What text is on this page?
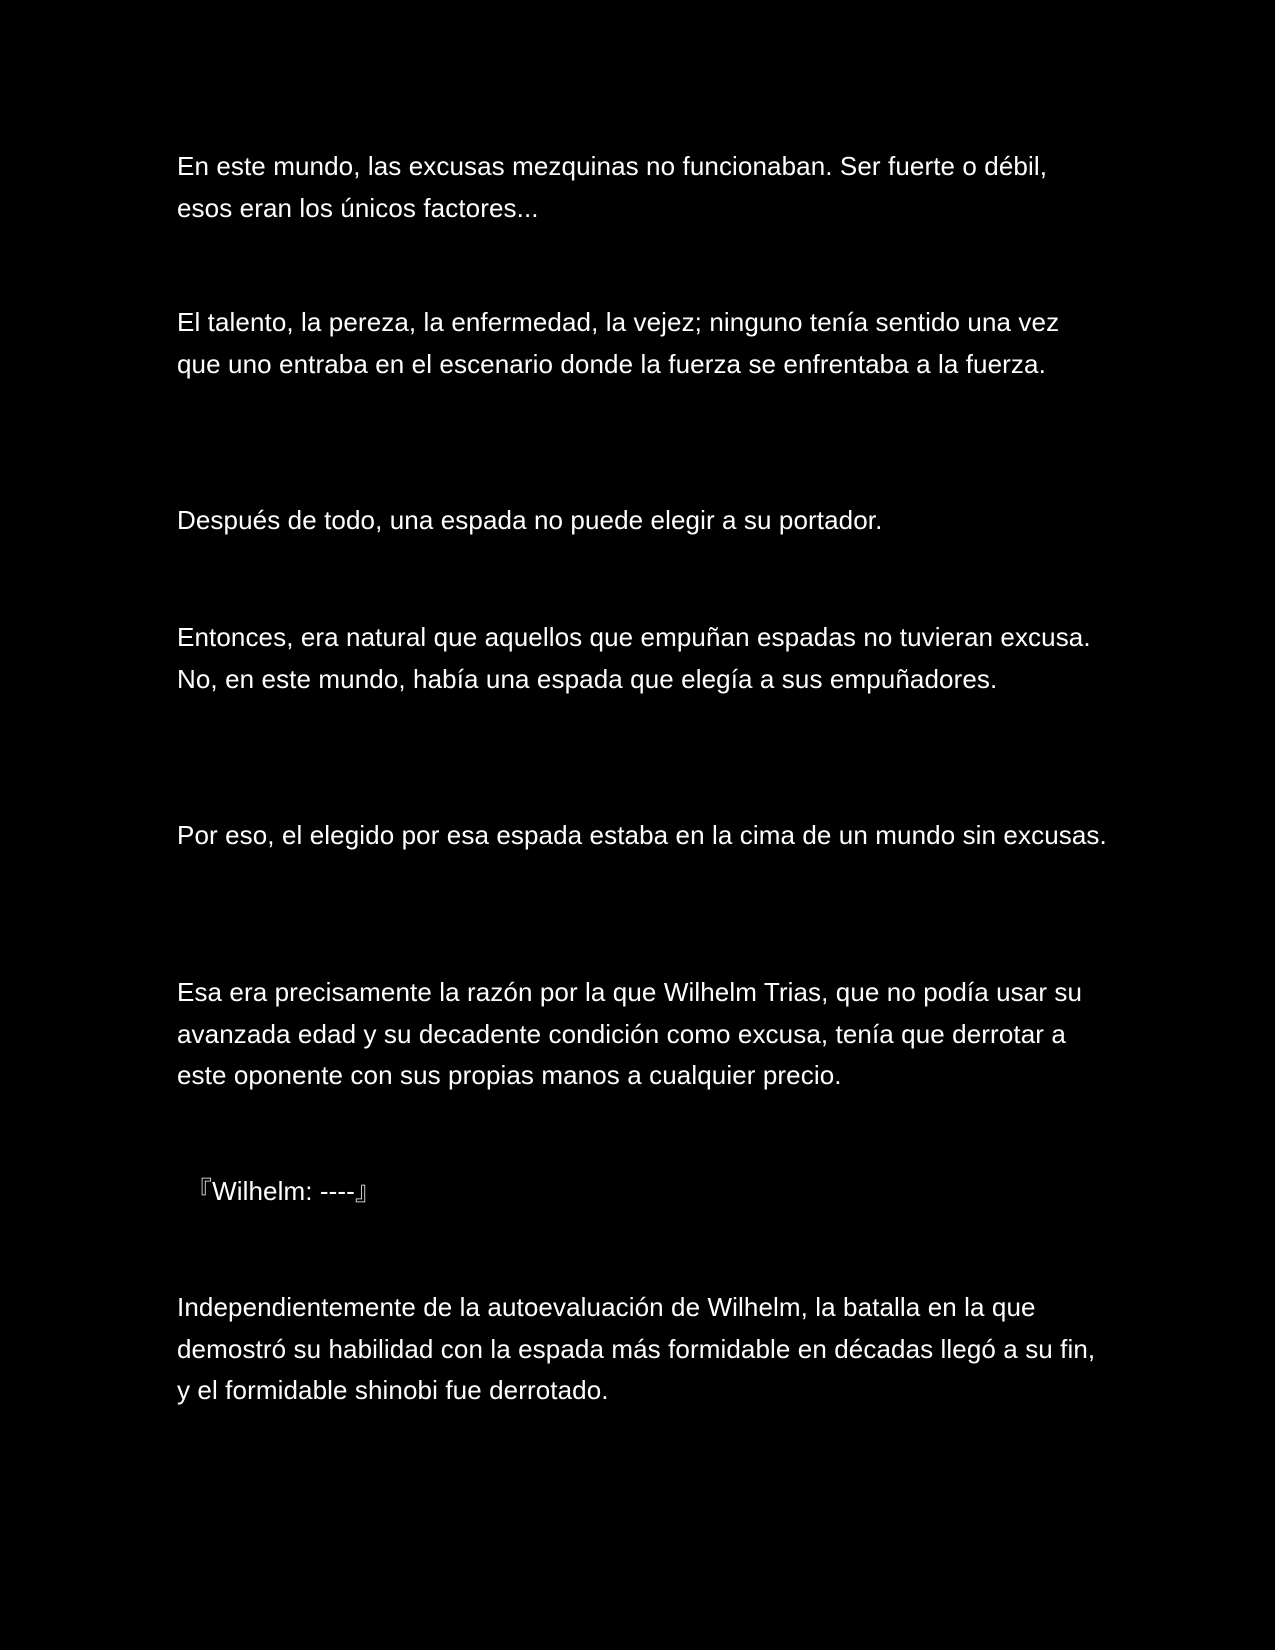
En este mundo, las excusas mezquinas no funcionaban. Ser fuerte o débil, esos eran los únicos factores...

El talento, la pereza, la enfermedad, la vejez; ninguno tenía sentido una vez que uno entraba en el escenario donde la fuerza se enfrentaba a la fuerza.

Después de todo, una espada no puede elegir a su portador.

Entonces, era natural que aquellos que empuñan espadas no tuvieran excusa. No, en este mundo, había una espada que elegía a sus empuñadores.

Por eso, el elegido por esa espada estaba en la cima de un mundo sin excusas.

Esa era precisamente la razón por la que Wilhelm Trias, que no podía usar su avanzada edad y su decadente condición como excusa, tenía que derrotar a este oponente con sus propias manos a cualquier precio.

『Wilhelm: ----』

Independientemente de la autoevaluación de Wilhelm, la batalla en la que demostró su habilidad con la espada más formidable en décadas llegó a su fin, y el formidable shinobi fue derrotado.
